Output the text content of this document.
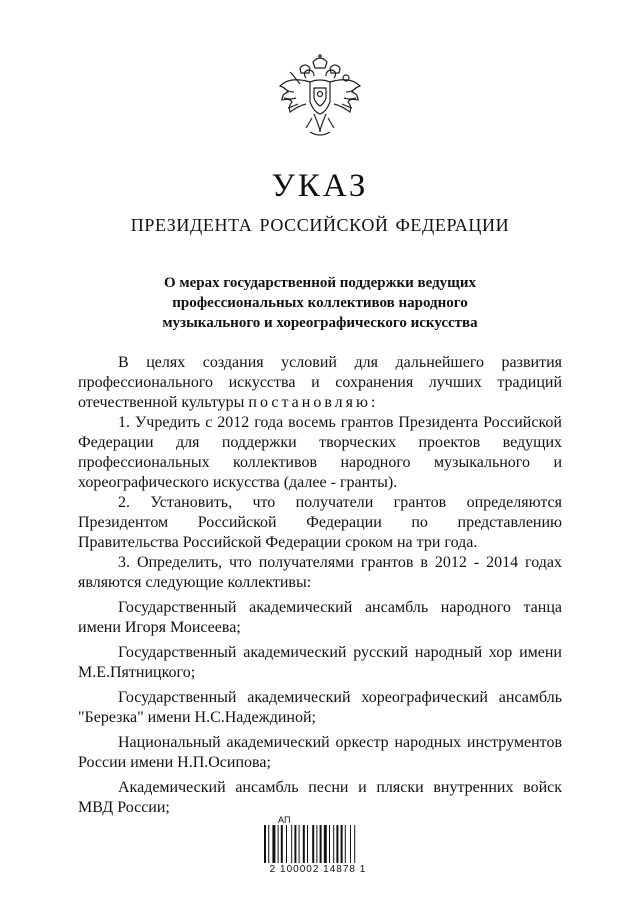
УКАЗ
ПРЕЗИДЕНТА РОССИЙСКОЙ ФЕДЕРАЦИИ
О мерах государственной поддержки ведущих
профессиональных коллективов народного
музыкального и хореографического искусства
В целях создания условий для дальнейшего развития
профессионального искусства и сохранения лучших традиций
отечественной культуры постановляю:
1. Учредить с 2012 года восемь грантов Президента Российской
Федерации для поддержки творческих проектов ведущих
профессиональных коллективов народного музыкального и
хореографического искусства (далее - гранты).
2. Установить, что получатели грантов определяются
Президентом Российской Федерации по представлению
Правительства Российской Федерации сроком на три года.
3. Определить, что получателями грантов в 2012 - 2014 годах
являются следующие коллективы:
Государственный академический ансамбль народного танца
имени Игоря Моисеева;
Государственный академический русский народный хор имени
М.Е.Пятницкого;
Государственный академический хореографический ансамбль
"Березка" имени Н.С.Надеждиной;
Национальный академический оркестр народных инструментов
России имени Н.П.Осипова;
Академический ансамбль песни и пляски внутренних войск
МВД России;
ΑΠ
2 100002 14878 1
